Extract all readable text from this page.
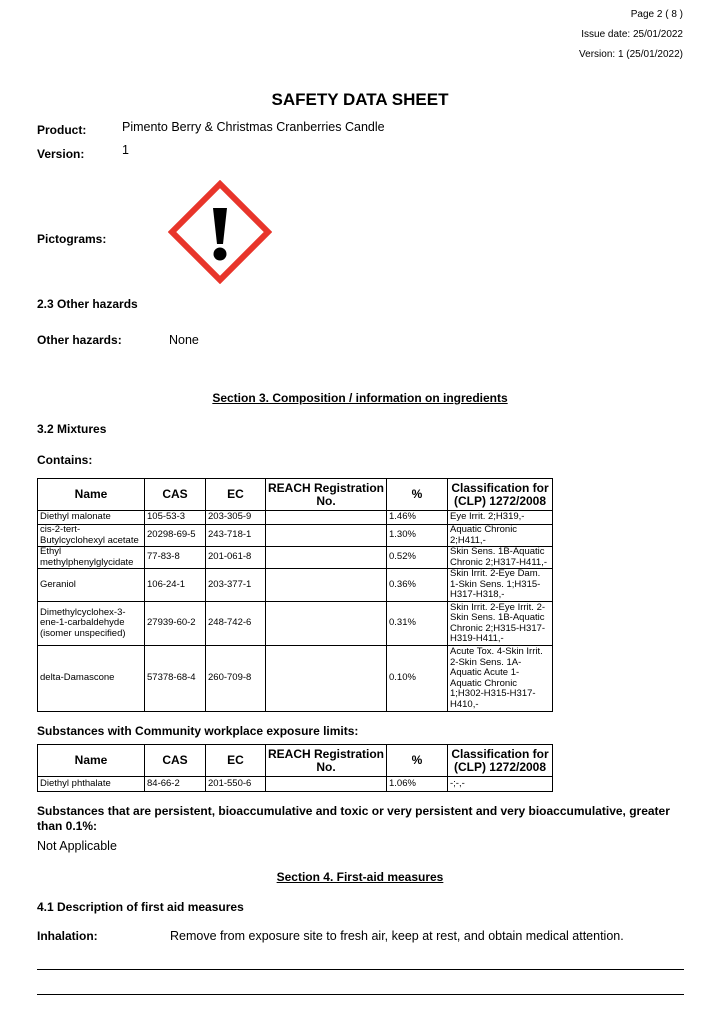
Page 2 ( 8 )
Issue date: 25/01/2022
Version: 1 (25/01/2022)
SAFETY DATA SHEET
Product:	Pimento Berry & Christmas Cranberries Candle
Version:	1
Pictograms:
2.3 Other hazards
Other hazards:	None
Section 3. Composition / information on ingredients
3.2 Mixtures
Contains:
Name	CAS	EC	REACH Registration No.	%	Classification for (CLP) 1272/2008
Diethyl malonate	105-53-3	203-305-9		1.46%	Eye Irrit. 2;H319,-
cis-2-tert-Butylcyclohexyl acetate	20298-69-5	243-718-1		1.30%	Aquatic Chronic 2;H411,-
Ethyl methylphenylglycidate	77-83-8	201-061-8		0.52%	Skin Sens. 1B-Aquatic Chronic 2;H317-H411,-
Geraniol	106-24-1	203-377-1		0.36%	Skin Irrit. 2-Eye Dam. 1-Skin Sens. 1;H315-H317-H318,-
Dimethylcyclohex-3-ene-1-carbaldehyde (isomer unspecified)	27939-60-2	248-742-6		0.31%	Skin Irrit. 2-Eye Irrit. 2-Skin Sens. 1B-Aquatic Chronic 2;H315-H317-H319-H411,-
delta-Damascone	57378-68-4	260-709-8		0.10%	Acute Tox. 4-Skin Irrit. 2-Skin Sens. 1A-Aquatic Acute 1-Aquatic Chronic 1;H302-H315-H317-H410,-
Substances with Community workplace exposure limits:
Name	CAS	EC	REACH Registration No.	%	Classification for (CLP) 1272/2008
Diethyl phthalate	84-66-2	201-550-6		1.06%	-;-,-
Substances that are persistent, bioaccumulative and toxic or very persistent and very bioaccumulative, greater than 0.1%:
Not Applicable
Section 4. First-aid measures
4.1 Description of first aid measures
Inhalation:	Remove from exposure site to fresh air, keep at rest, and obtain medical attention.
